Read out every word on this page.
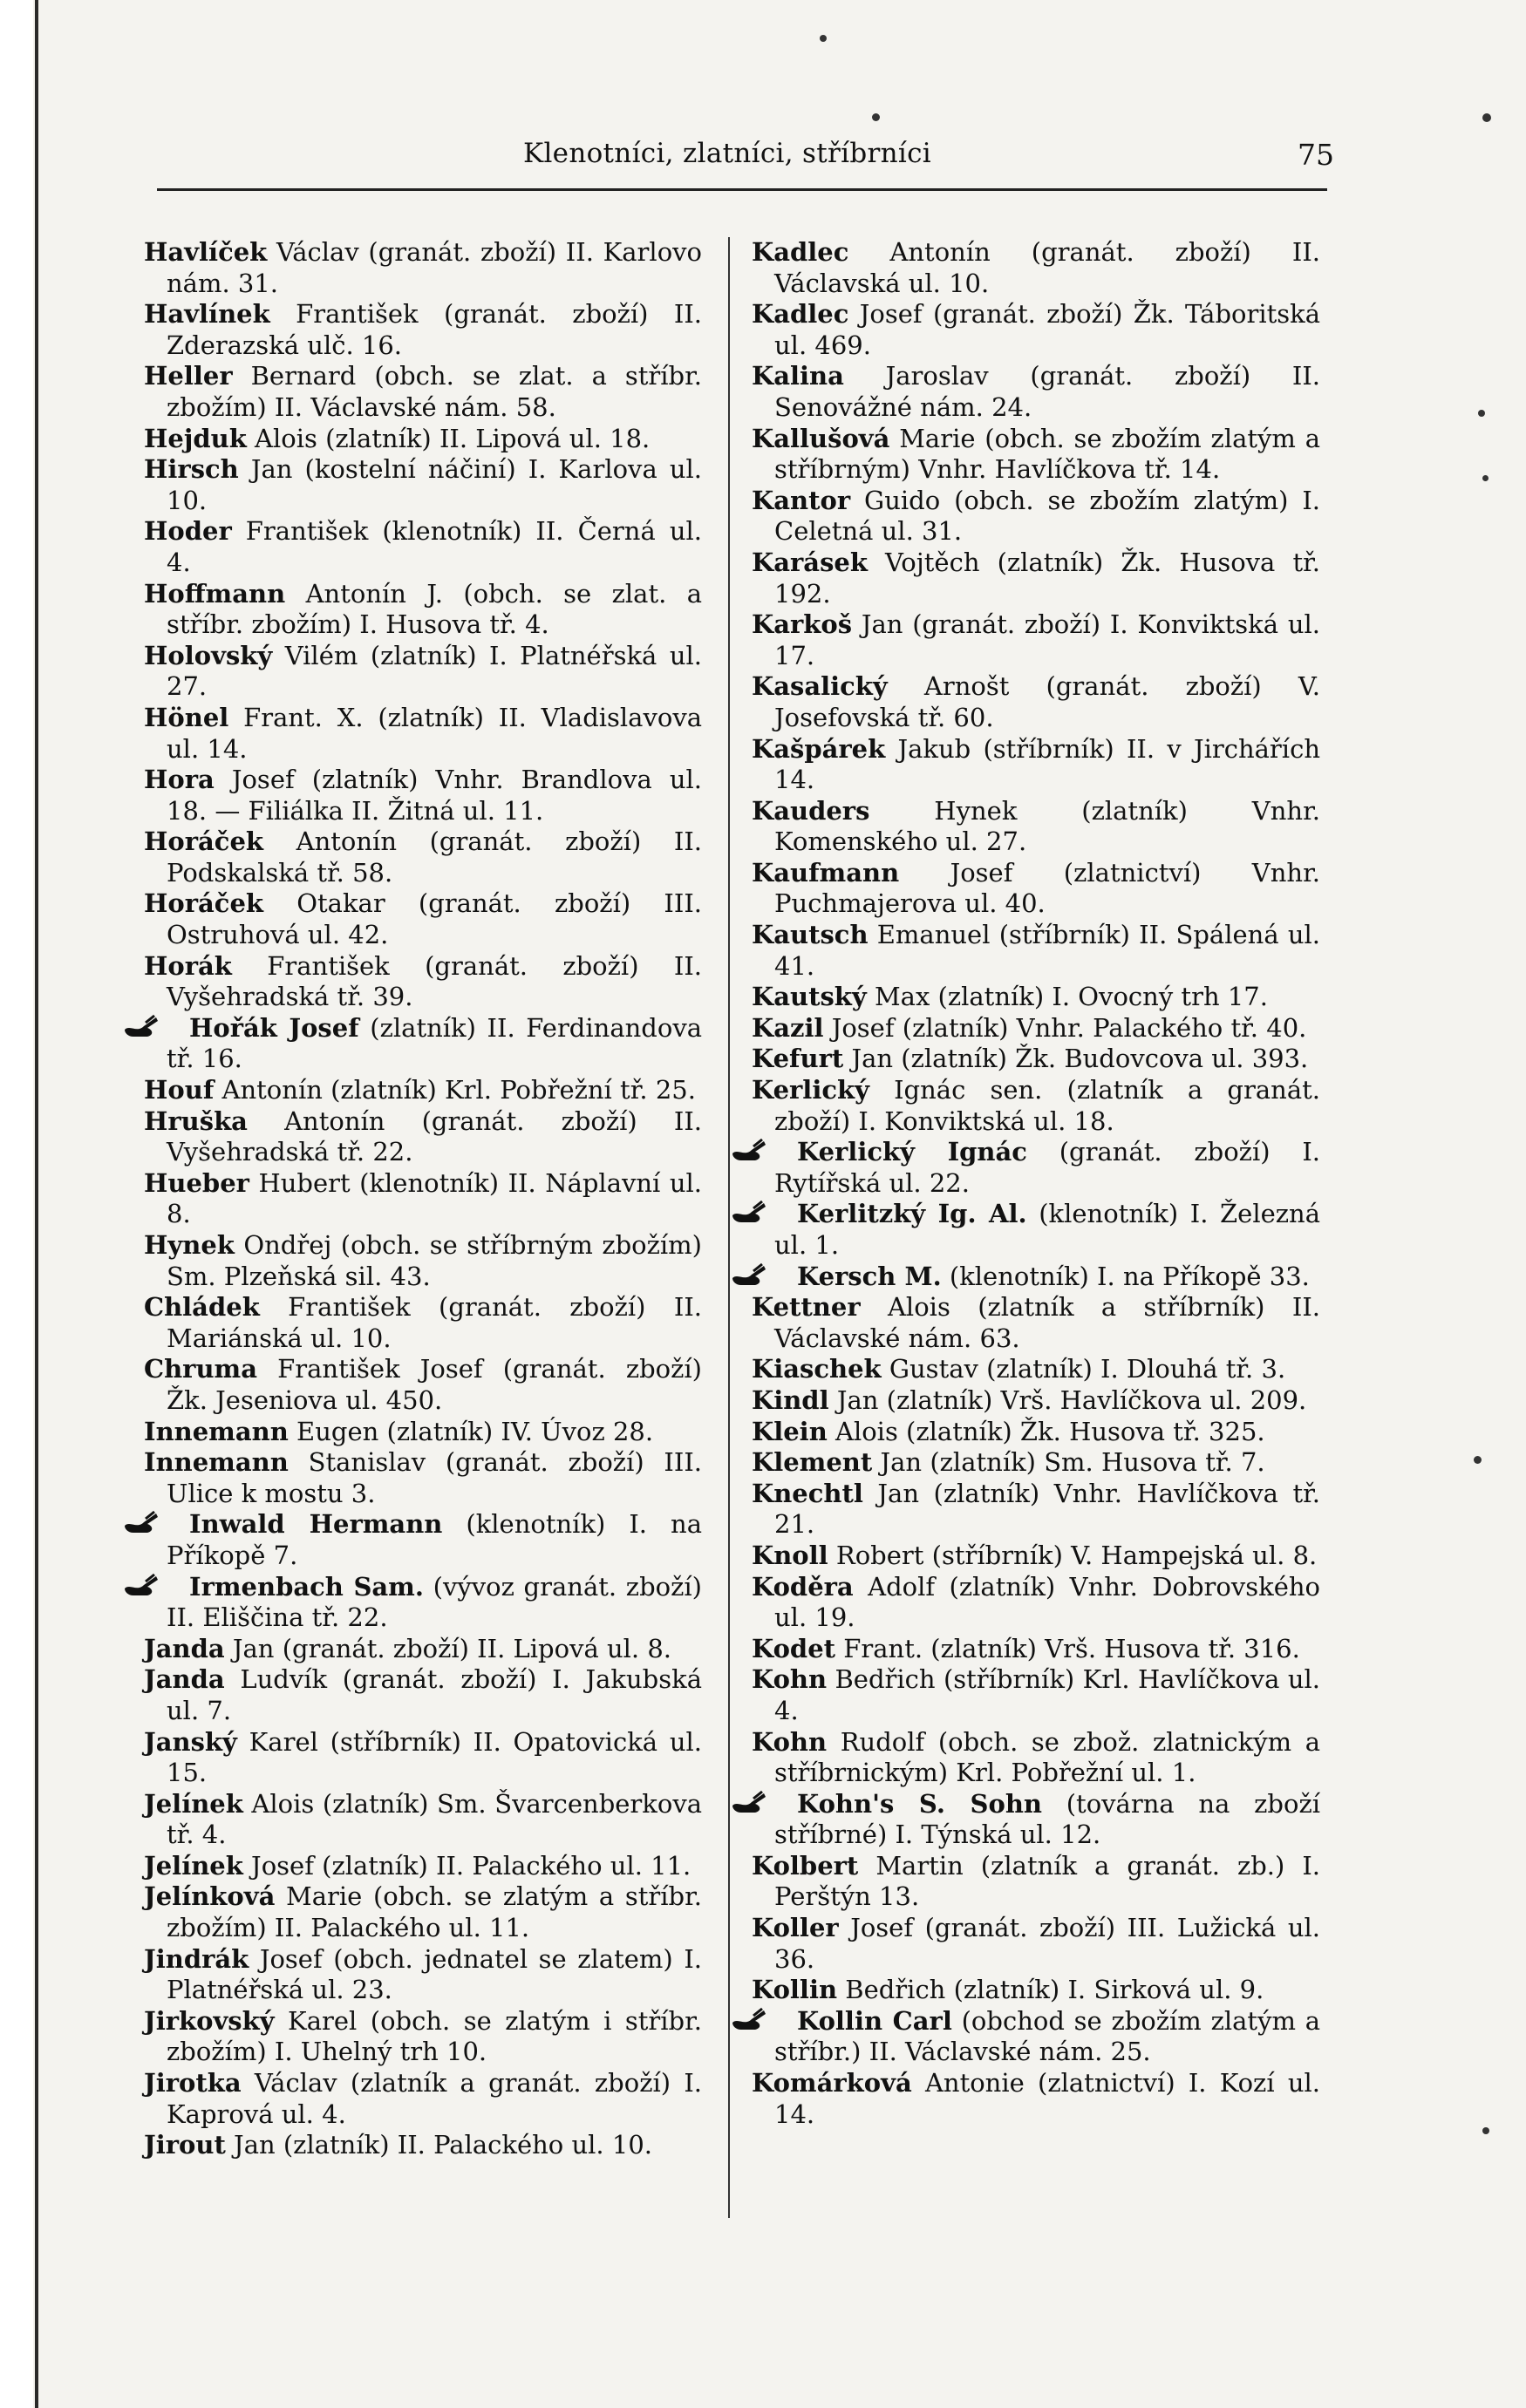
Klenotníci, zlatníci, stříbrníci	75

Havlíček Václav (granát. zboží) II. Karlovo nám. 31.

Havlínek František (granát. zboží) II. Zderazská ulč. 16.

Heller Bernard (obch. se zlat. a stříbr. zbožím) II. Václavské nám. 58.

Hejduk Alois (zlatník) II. Lipová ul. 18.

Hirsch Jan (kostelní náčiní) I. Karlova ul. 10.

Hoder František (klenotník) II. Černá ul. 4.

Hoffmann Antonín J. (obch. se zlat. a stříbr. zbožím) I. Husova tř. 4.

Holovský Vilém (zlatník) I. Platnéřská ul. 27.

Hönel Frant. X. (zlatník) II. Vladislavova ul. 14.

Hora Josef (zlatník) Vnhr. Brandlova ul. 18. — Filiálka II. Žitná ul. 11.

Horáček Antonín (granát. zboží) II. Podskalská tř. 58.

Horáček Otakar (granát. zboží) III. Ostruhová ul. 42.

Horák František (granát. zboží) II. Vyšehradská tř. 39.

Hořák Josef (zlatník) II. Ferdinandova tř. 16.

Houf Antonín (zlatník) Krl. Pobřežní tř. 25.

Hruška Antonín (granát. zboží) II. Vyšehradská tř. 22.

Hueber Hubert (klenotník) II. Náplavní ul. 8.

Hynek Ondřej (obch. se stříbrným zbožím) Sm. Plzeňská sil. 43.

Chládek František (granát. zboží) II. Mariánská ul. 10.

Chruma František Josef (granát. zboží) Žk. Jeseniova ul. 450.

Innemann Eugen (zlatník) IV. Úvoz 28.

Innemann Stanislav (granát. zboží) III. Ulice k mostu 3.

Inwald Hermann (klenotník) I. na Příkopě 7.

Irmenbach Sam. (vývoz granát. zboží) II. Eliščina tř. 22.

Janda Jan (granát. zboží) II. Lipová ul. 8.

Janda Ludvík (granát. zboží) I. Jakubská ul. 7.

Janský Karel (stříbrník) II. Opatovická ul. 15.

Jelínek Alois (zlatník) Sm. Švarcenberkova tř. 4.

Jelínek Josef (zlatník) II. Palackého ul. 11.

Jelínková Marie (obch. se zlatým a stříbr. zbožím) II. Palackého ul. 11.

Jindrák Josef (obch. jednatel se zlatem) I. Platnéřská ul. 23.

Jirkovský Karel (obch. se zlatým i stříbr. zbožím) I. Uhelný trh 10.

Jirotka Václav (zlatník a granát. zboží) I. Kaprová ul. 4.

Jirout Jan (zlatník) II. Palackého ul. 10.

Kadlec Antonín (granát. zboží) II. Václavská ul. 10.

Kadlec Josef (granát. zboží) Žk. Táboritská ul. 469.

Kalina Jaroslav (granát. zboží) II. Senovážné nám. 24.

Kallušová Marie (obch. se zbožím zlatým a stříbrným) Vnhr. Havlíčkova tř. 14.

Kantor Guido (obch. se zbožím zlatým) I. Celetná ul. 31.

Karásek Vojtěch (zlatník) Žk. Husova tř. 192.

Karkoš Jan (granát. zboží) I. Konviktská ul. 17.

Kasalický Arnošt (granát. zboží) V. Josefovská tř. 60.

Kašpárek Jakub (stříbrník) II. v Jirchářích 14.

Kauders Hynek (zlatník) Vnhr. Komenského ul. 27.

Kaufmann Josef (zlatnictví) Vnhr. Puchmajerova ul. 40.

Kautsch Emanuel (stříbrník) II. Spálená ul. 41.

Kautský Max (zlatník) I. Ovocný trh 17.

Kazil Josef (zlatník) Vnhr. Palackého tř. 40.

Kefurt Jan (zlatník) Žk. Budovcova ul. 393.

Kerlický Ignác sen. (zlatník a granát. zboží) I. Konviktská ul. 18.

Kerlický Ignác (granát. zboží) I. Rytířská ul. 22.

Kerlitzký Ig. Al. (klenotník) I. Železná ul. 1.

Kersch M. (klenotník) I. na Příkopě 33.

Kettner Alois (zlatník a stříbrník) II. Václavské nám. 63.

Kiaschek Gustav (zlatník) I. Dlouhá tř. 3.

Kindl Jan (zlatník) Vrš. Havlíčkova ul. 209.

Klein Alois (zlatník) Žk. Husova tř. 325.

Klement Jan (zlatník) Sm. Husova tř. 7.

Knechtl Jan (zlatník) Vnhr. Havlíčkova tř. 21.

Knoll Robert (stříbrník) V. Hampejská ul. 8.

Koděra Adolf (zlatník) Vnhr. Dobrovského ul. 19.

Kodet Frant. (zlatník) Vrš. Husova tř. 316.

Kohn Bedřich (stříbrník) Krl. Havlíčkova ul. 4.

Kohn Rudolf (obch. se zbož. zlatnickým a stříbrnickým) Krl. Pobřežní ul. 1.

Kohn's S. Sohn (továrna na zboží stříbrné) I. Týnská ul. 12.

Kolbert Martin (zlatník a granát. zb.) I. Perštýn 13.

Koller Josef (granát. zboží) III. Lužická ul. 36.

Kollin Bedřich (zlatník) I. Sirková ul. 9.

Kollin Carl (obchod se zbožím zlatým a stříbr.) II. Václavské nám. 25.

Komárková Antonie (zlatnictví) I. Kozí ul. 14.
